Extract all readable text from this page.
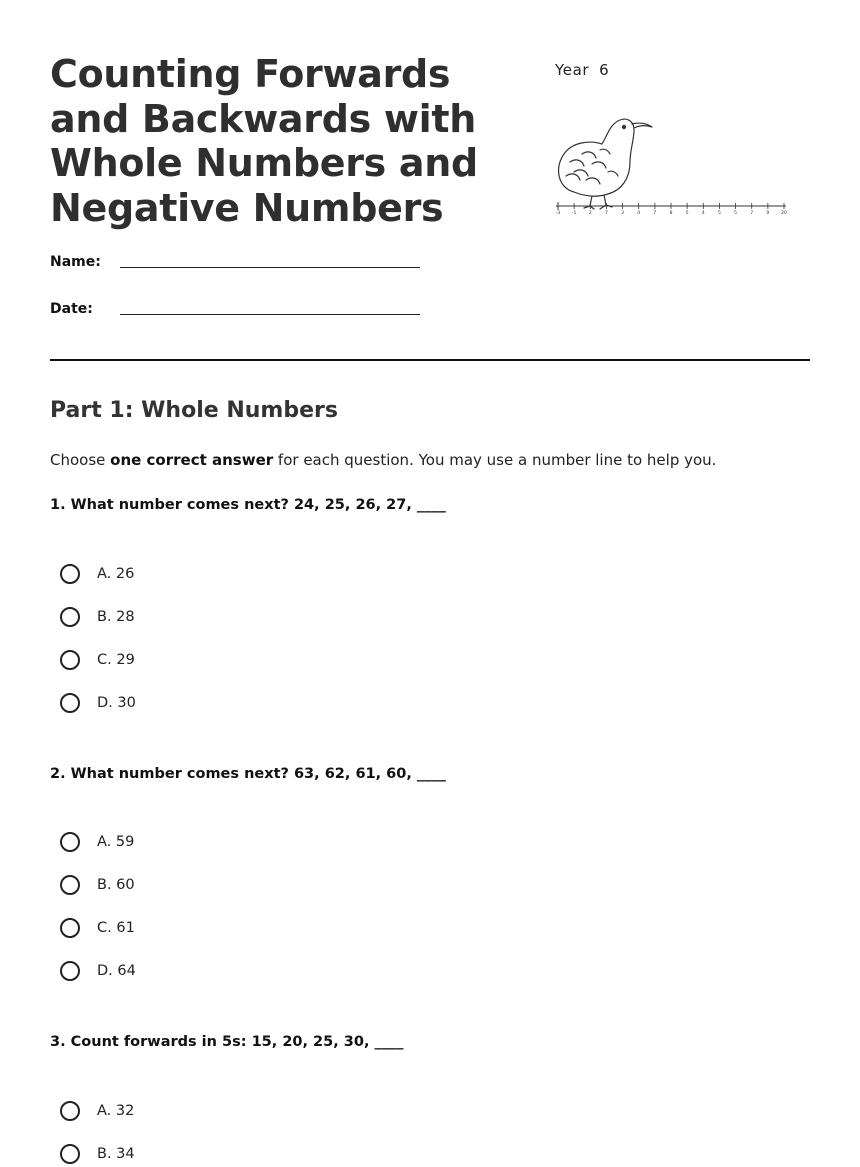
Counting Forwards and Backwards with Whole Numbers and Negative Numbers
Year 6
-3	-1	2	7	3	4	7	8	5	4	5	5	7	9	20
Name:
Date:
Part 1: Whole Numbers
Choose one correct answer for each question. You may use a number line to help you.
1. What number comes next? 24, 25, 26, 27, ____
A. 26
B. 28
C. 29
D. 30
2. What number comes next? 63, 62, 61, 60, ____
A. 59
B. 60
C. 61
D. 64
3. Count forwards in 5s: 15, 20, 25, 30, ____
A. 32
B. 34
